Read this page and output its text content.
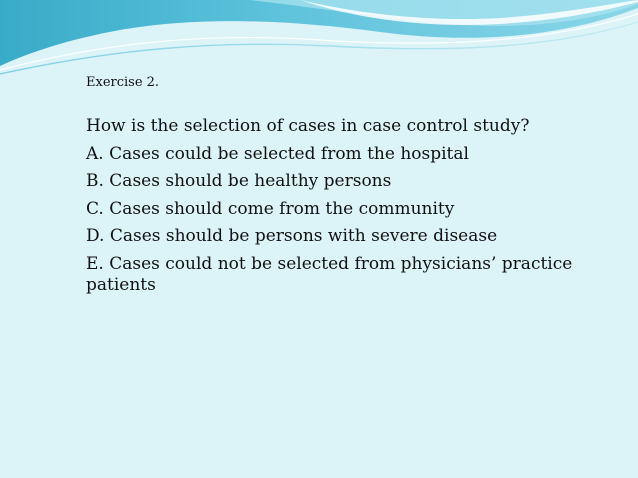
Exercise 2.

How is the selection of cases in case control study?

A. Cases could be selected from the hospital
B. Cases should be healthy persons
C. Cases should come from the community
D. Cases should be persons with severe disease
E. Cases could not be selected from physicians’ practice patients
